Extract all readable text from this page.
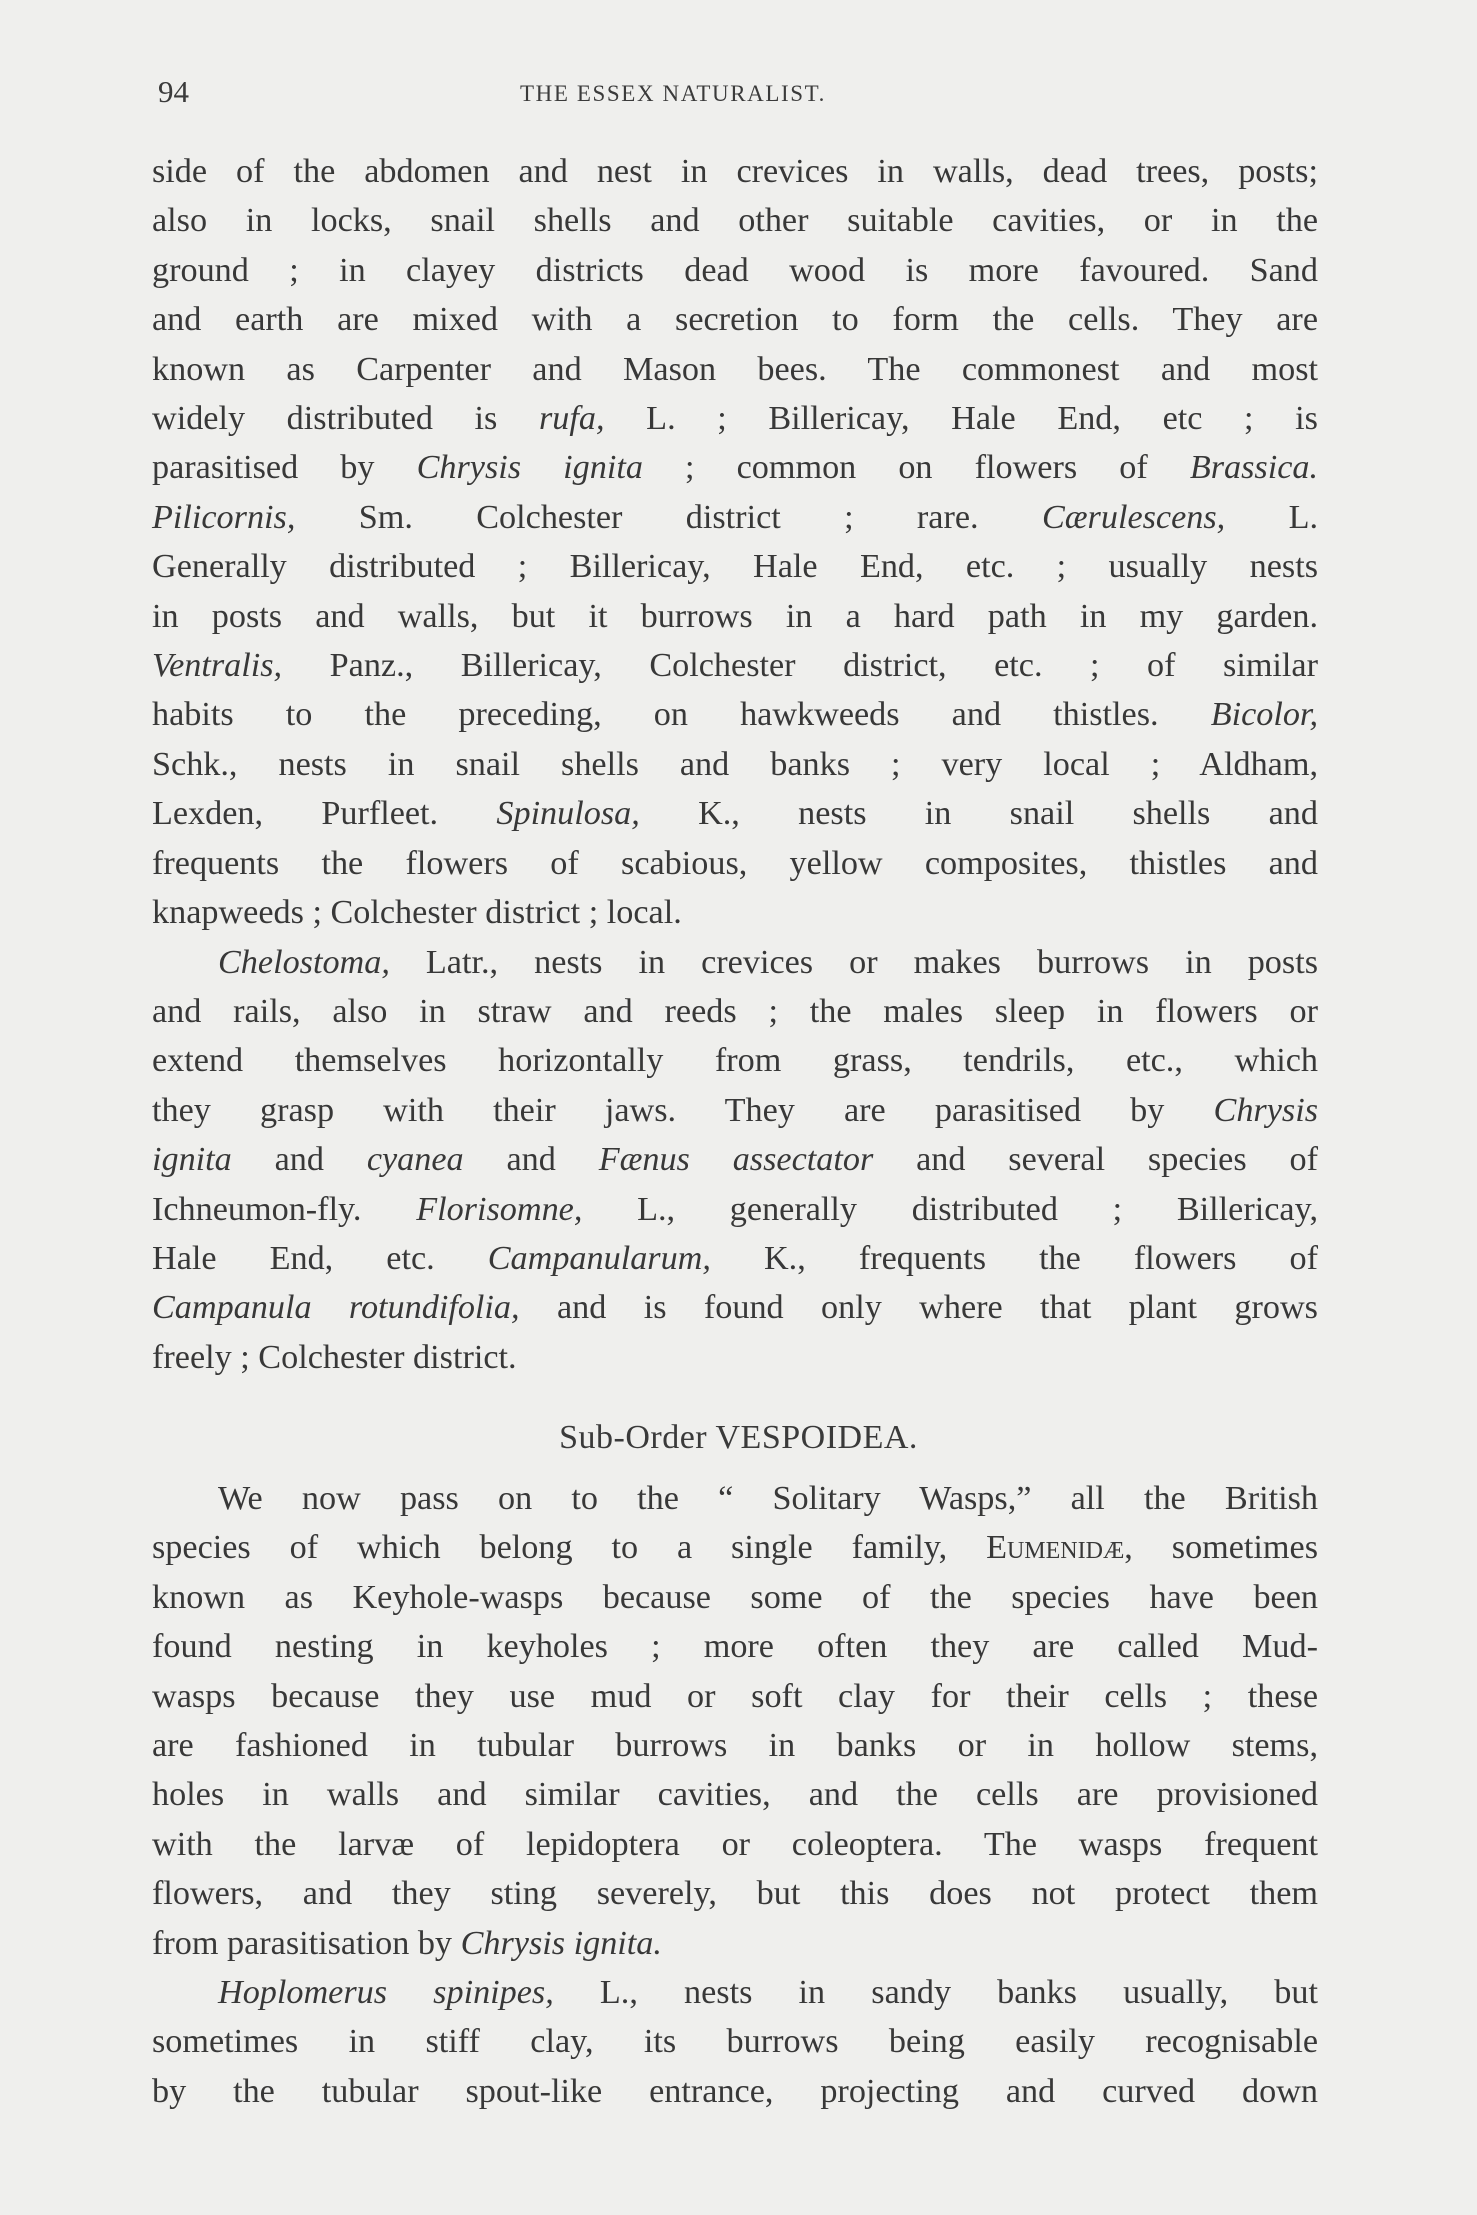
94	THE ESSEX NATURALIST.
side of the abdomen and nest in crevices in walls, dead trees, posts;
also in locks, snail shells and other suitable cavities, or in the
ground ; in clayey districts dead wood is more favoured. Sand
and earth are mixed with a secretion to form the cells. They are
known as Carpenter and Mason bees. The commonest and most
widely distributed is rufa, L. ; Billericay, Hale End, etc ; is
parasitised by Chrysis ignita ; common on flowers of Brassica.
Pilicornis, Sm. Colchester district ; rare. Cærulescens, L.
Generally distributed ; Billericay, Hale End, etc. ; usually nests
in posts and walls, but it burrows in a hard path in my garden.
Ventralis, Panz., Billericay, Colchester district, etc. ; of similar
habits to the preceding, on hawkweeds and thistles. Bicolor,
Schk., nests in snail shells and banks ; very local ; Aldham,
Lexden, Purfleet. Spinulosa, K., nests in snail shells and
frequents the flowers of scabious, yellow composites, thistles and
knapweeds ; Colchester district ; local.
Chelostoma, Latr., nests in crevices or makes burrows in posts
and rails, also in straw and reeds ; the males sleep in flowers or
extend themselves horizontally from grass, tendrils, etc., which
they grasp with their jaws. They are parasitised by Chrysis
ignita and cyanea and Fænus assectator and several species of
Ichneumon-fly. Florisomne, L., generally distributed ; Billericay,
Hale End, etc. Campanularum, K., frequents the flowers of
Campanula rotundifolia, and is found only where that plant grows
freely ; Colchester district.
Sub-Order VESPOIDEA.
We now pass on to the “ Solitary Wasps,” all the British
species of which belong to a single family, Eumenidæ, sometimes
known as Keyhole-wasps because some of the species have been
found nesting in keyholes ; more often they are called Mud-
wasps because they use mud or soft clay for their cells ; these
are fashioned in tubular burrows in banks or in hollow stems,
holes in walls and similar cavities, and the cells are provisioned
with the larvæ of lepidoptera or coleoptera. The wasps frequent
flowers, and they sting severely, but this does not protect them
from parasitisation by Chrysis ignita.
Hoplomerus spinipes, L., nests in sandy banks usually, but
sometimes in stiff clay, its burrows being easily recognisable
by the tubular spout-like entrance, projecting and curved down
